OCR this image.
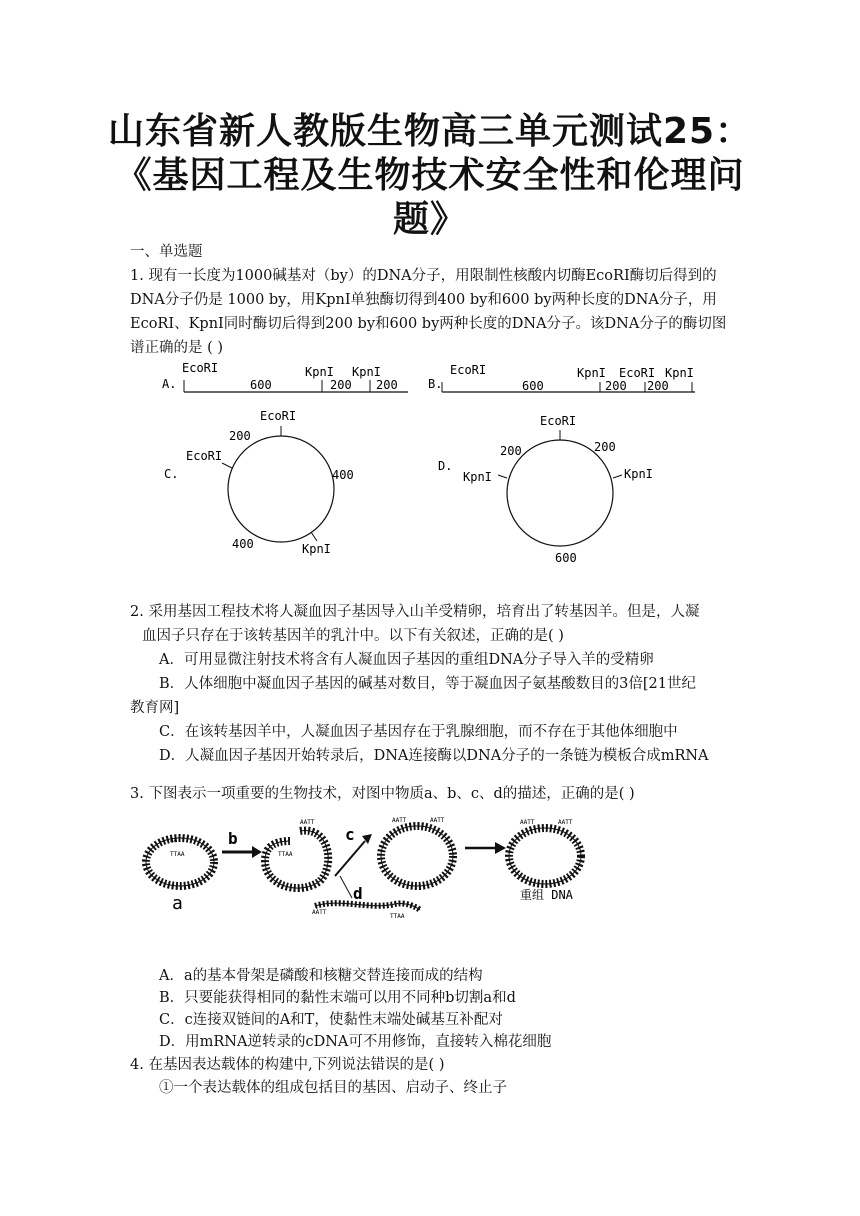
山东省新人教版生物高三单元测试25：
《基因工程及生物技术安全性和伦理问
题》
一、单选题
1. 现有一长度为1000碱基对（by）的DNA分子，用限制性核酸内切酶EcoRI酶切后得到的
DNA分子仍是 1000 by，用KpnI单独酶切得到400 by和600 by两种长度的DNA分子，用
EcoRI、KpnI同时酶切后得到200 by和600 by两种长度的DNA分子。该DNA分子的酶切图
谱正确的是 ( )
A.
EcoRI	KpnI KpnI
600	200 200	B.
EcoRI	KpnI EcoRI KpnI
600	200 200
C.
EcoRI
EcoRI
KpnI
200
400
400
D.
EcoRI
KpnI	KpnI
200	200
600
2. 采用基因工程技术将人凝血因子基因导入山羊受精卵，培育出了转基因羊。但是，人凝
血因子只存在于该转基因羊的乳汁中。以下有关叙述，正确的是( )
A．可用显微注射技术将含有人凝血因子基因的重组DNA分子导入羊的受精卵
B．人体细胞中凝血因子基因的碱基对数目，等于凝血因子氨基酸数目的3倍[21世纪
教育网]
C．在该转基因羊中，人凝血因子基因存在于乳腺细胞，而不存在于其他体细胞中
D．人凝血因子基因开始转录后，DNA连接酶以DNA分子的一条链为模板合成mRNA
3. 下图表示一项重要的生物技术，对图中物质a、b、c、d的描述，正确的是( )
AATT
TTAA
a
b
AATT
TTAA
c
d
AATT
TTAA
AATT	AATT	AATT	AATT
重组 DNA
A．a的基本骨架是磷酸和核糖交替连接而成的结构
B．只要能获得相同的黏性末端可以用不同种b切割a和d
C．c连接双链间的A和T，使黏性末端处碱基互补配对
D．用mRNA逆转录的cDNA可不用修饰，直接转入棉花细胞
4. 在基因表达载体的构建中,下列说法错误的是( )
①一个表达载体的组成包括目的基因、启动子、终止子
